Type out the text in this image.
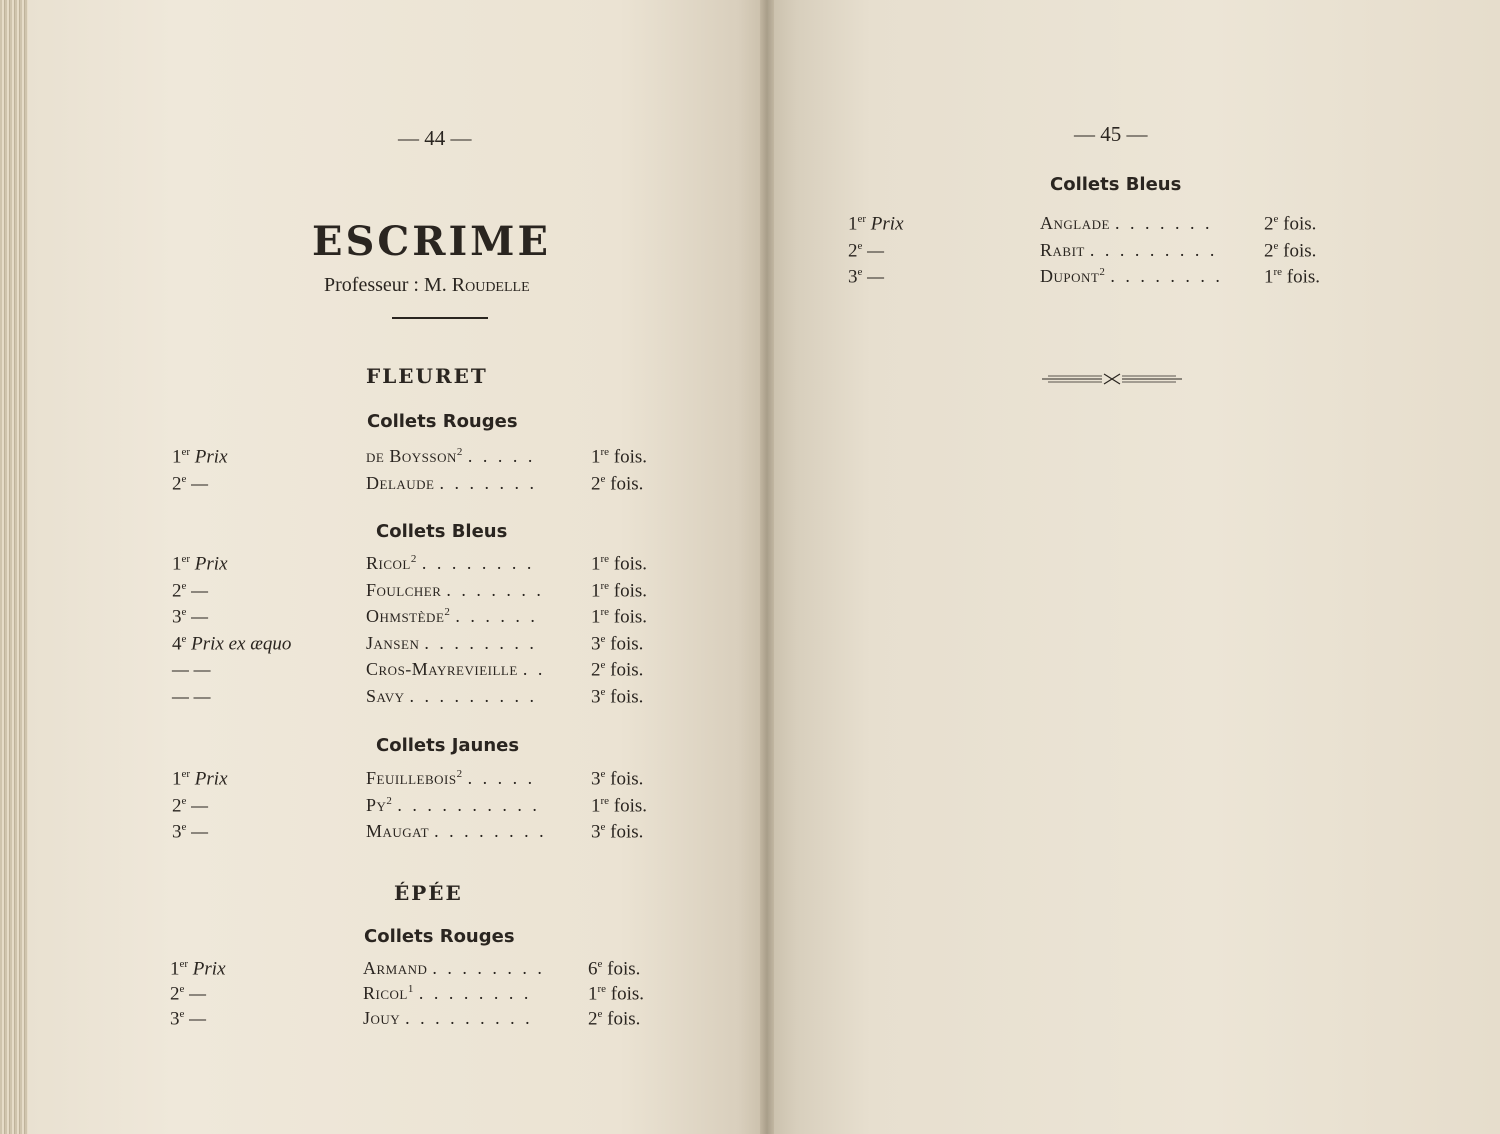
— 44 —
ESCRIME
Professeur : M. Roudelle
FLEURET
Collets Rouges
1er Prix	de Boysson$^2$ . . . . .	1re fois.
2e —	Delaude . . . . . . .	2e fois.
Collets Bleus
1er Prix	Ricol$^2$ . . . . . . . .	1re fois.
2e —	Foulcher . . . . . . . 1re fois.
3e —	Ohmstède$^2$ . . . . . .	1re fois.
4e Prix ex æquo	Jansen . . . . . . . .	3e fois.
— —	Cros-Mayrevieille . . 2e fois.
— —	Savy . . . . . . . . .	3e fois.
Collets Jaunes
1er Prix	Feuillebois$^2$ . . . . .	3e fois.
2e —	Py$^2$ . . . . . . . . . .	1re fois.
3e —	Maugat . . . . . . . . 3e fois.
ÉPÉE
Collets Rouges
1er Prix	Armand . . . . . . . . 6e fois.
2e —	Ricol$^1$ . . . . . . . .	1re fois.
3e —	Jouy . . . . . . . . .	2e fois.
— 45 —
Collets Bleus
1er Prix	Anglade . . . . . . .	2e fois.
2e —	Rabit . . . . . . . . . 2e fois.
3e —	Dupont$^2$ . . . . . . . . 1re fois.
